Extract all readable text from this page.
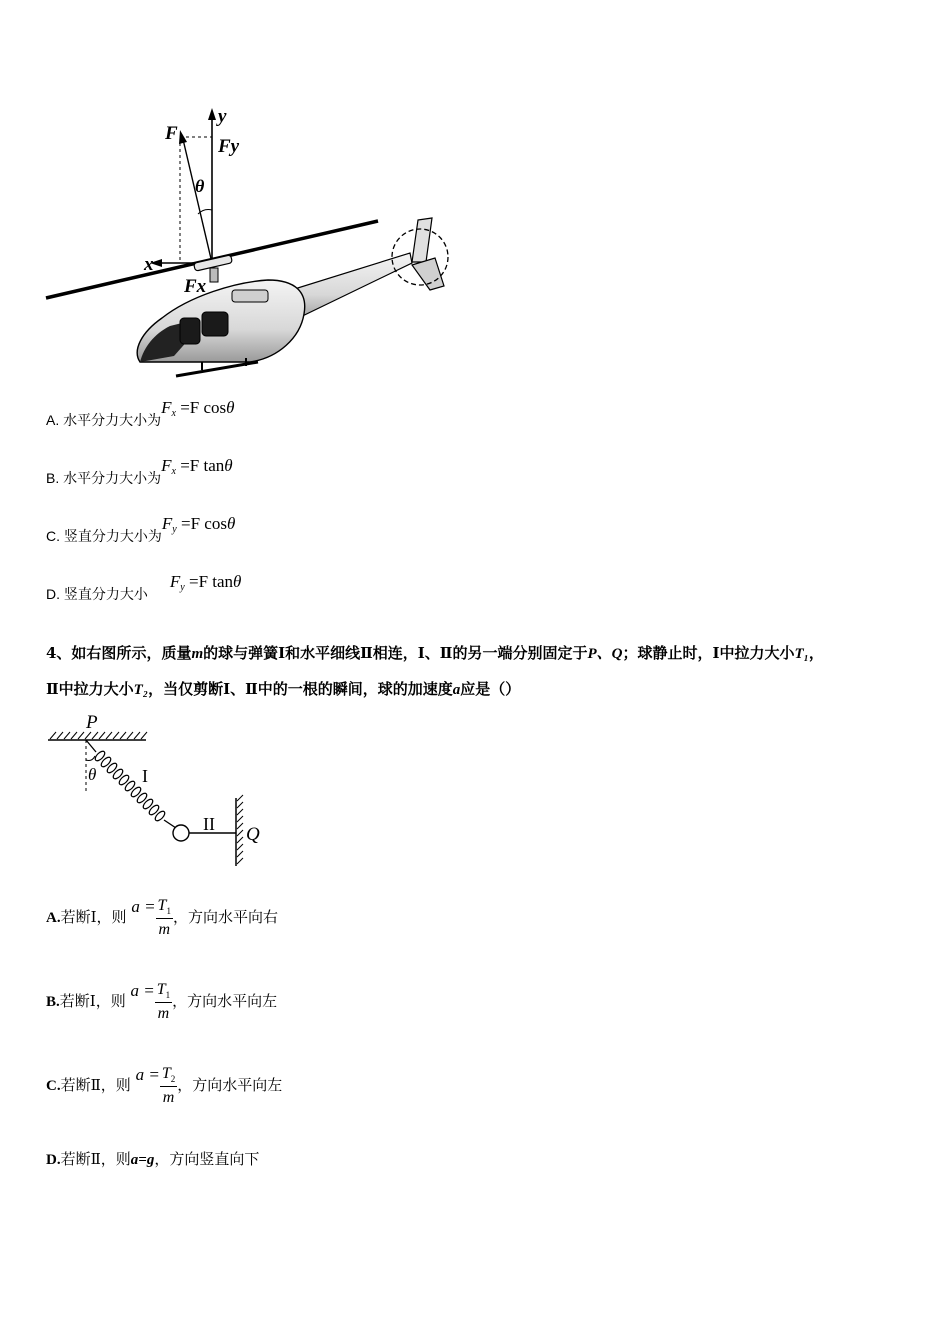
F
y
Fy
θ
x
Fx
A. 水平分力大小为$F_x =F$ cosθ
B. 水平分力大小为$F_x =F$ tanθ
C. 竖直分力大小为$F_y =F$ cosθ
D. 竖直分力大小$F_y =F$ tanθ
4、如右图所示，质量m的球与弹簧Ⅰ和水平细线Ⅱ相连，Ⅰ、Ⅱ的另一端分别固定于P、Q；球静止时，Ⅰ中拉力大小T₁，
Ⅱ中拉力大小T₂，当仅剪断Ⅰ、Ⅱ中的一根的瞬间，球的加速度a应是（）
P
θ	I
II Q
A.若断Ⅰ，则 $a = \frac{T_1}{m}$ ，方向水平向右
B.若断Ⅰ，则 $a = \frac{T_1}{m}$ ，方向水平向左
C.若断Ⅱ，则 $a = \frac{T_2}{m}$ ，方向水平向左
D.若断Ⅱ，则a=g，方向竖直向下
